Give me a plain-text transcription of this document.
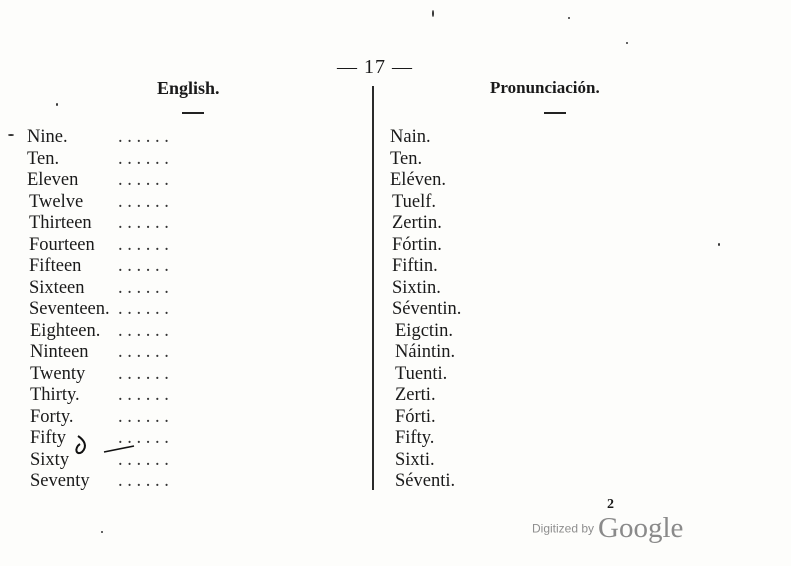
— 17 —
English.	Pronunciación.
Nine.	. . . . . .	Nain.
Ten.	. . . . . .	Ten.
Eleven . . . . . .	Eléven.
Twelve . . . . . .	Tuelf.
Thirteen . . . . . .	Zertin.
Fourteen . . . . . .	Fórtin.
Fifteen . . . . . .	Fiftin.
Sixteen . . . . . .	Sixtin.
Seventeen. . . . . . .	Séventin.
Eighteen. . . . . . .	Eigctin.
Ninteen . . . . . .	Náintin.
Twenty . . . . . .	Tuenti.
Thirty. . . . . . .	Zerti.
Forty. . . . . . .	Fórti.
Fifty	. . . . . .	Fifty.
Sixty	. . . . . .	Sixti.
Seventy . . . . . .	Séventi.
2
Digitized by Google
